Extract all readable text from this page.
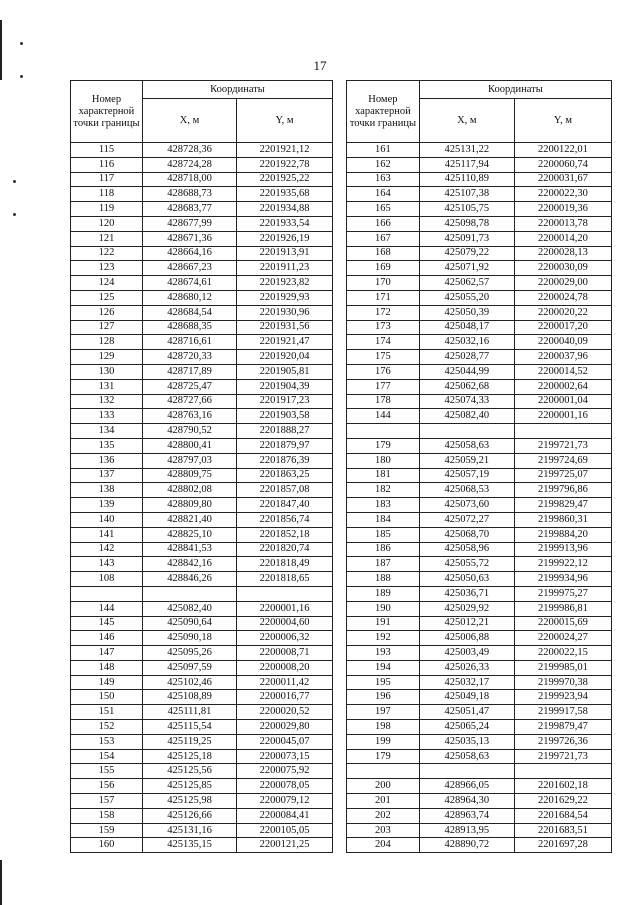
17
Номер характерной точки границы	Координаты	
	X, м	Y, м
115	428728,36	2201921,12
116	428724,28	2201922,78
117	428718,00	2201925,22
118	428688,73	2201935,68
119	428683,77	2201934,88
120	428677,99	2201933,54
121	428671,36	2201926,19
122	428664,16	2201913,91
123	428667,23	2201911,23
124	428674,61	2201923,82
125	428680,12	2201929,93
126	428684,54	2201930,96
127	428688,35	2201931,56
128	428716,61	2201921,47
129	428720,33	2201920,04
130	428717,89	2201905,81
131	428725,47	2201904,39
132	428727,66	2201917,23
133	428763,16	2201903,58
134	428790,52	2201888,27
135	428800,41	2201879,97
136	428797,03	2201876,39
137	428809,75	2201863,25
138	428802,08	2201857,08
139	428809,80	2201847,40
140	428821,40	2201856,74
141	428825,10	2201852,18
142	428841,53	2201820,74
143	428842,16	2201818,49
108	428846,26	2201818,65

144	425082,40	2200001,16
145	425090,64	2200004,60
146	425090,18	2200006,32
147	425095,26	2200008,71
148	425097,59	2200008,20
149	425102,46	2200011,42
150	425108,89	2200016,77
151	425111,81	2200020,52
152	425115,54	2200029,80
153	425119,25	2200045,07
154	425125,18	2200073,15
155	425125,56	2200075,92
156	425125,85	2200078,05
157	425125,98	2200079,12
158	425126,66	2200084,41
159	425131,16	2200105,05
160	425135,15	2200121,25
Номер характерной точки границы	Координаты	
	X, м	Y, м
161	425131,22	2200122,01
162	425117,94	2200060,74
163	425110,89	2200031,67
164	425107,38	2200022,30
165	425105,75	2200019,36
166	425098,78	2200013,78
167	425091,73	2200014,20
168	425079,22	2200028,13
169	425071,92	2200030,09
170	425062,57	2200029,00
171	425055,20	2200024,78
172	425050,39	2200020,22
173	425048,17	2200017,20
174	425032,16	2200040,09
175	425028,77	2200037,96
176	425044,99	2200014,52
177	425062,68	2200002,64
178	425074,33	2200001,04
144	425082,40	2200001,16

179	425058,63	2199721,73
180	425059,21	2199724,69
181	425057,19	2199725,07
182	425068,53	2199796,86
183	425073,60	2199829,47
184	425072,27	2199860,31
185	425068,70	2199884,20
186	425058,96	2199913,96
187	425055,72	2199922,12
188	425050,63	2199934,96
189	425036,71	2199975,27
190	425029,92	2199986,81
191	425012,21	2200015,69
192	425006,88	2200024,27
193	425003,49	2200022,15
194	425026,33	2199985,01
195	425032,17	2199970,38
196	425049,18	2199923,94
197	425051,47	2199917,58
198	425065,24	2199879,47
199	425035,13	2199726,36
179	425058,63	2199721,73

200	428966,05	2201602,18
201	428964,30	2201629,22
202	428963,74	2201684,54
203	428913,95	2201683,51
204	428890,72	2201697,28
